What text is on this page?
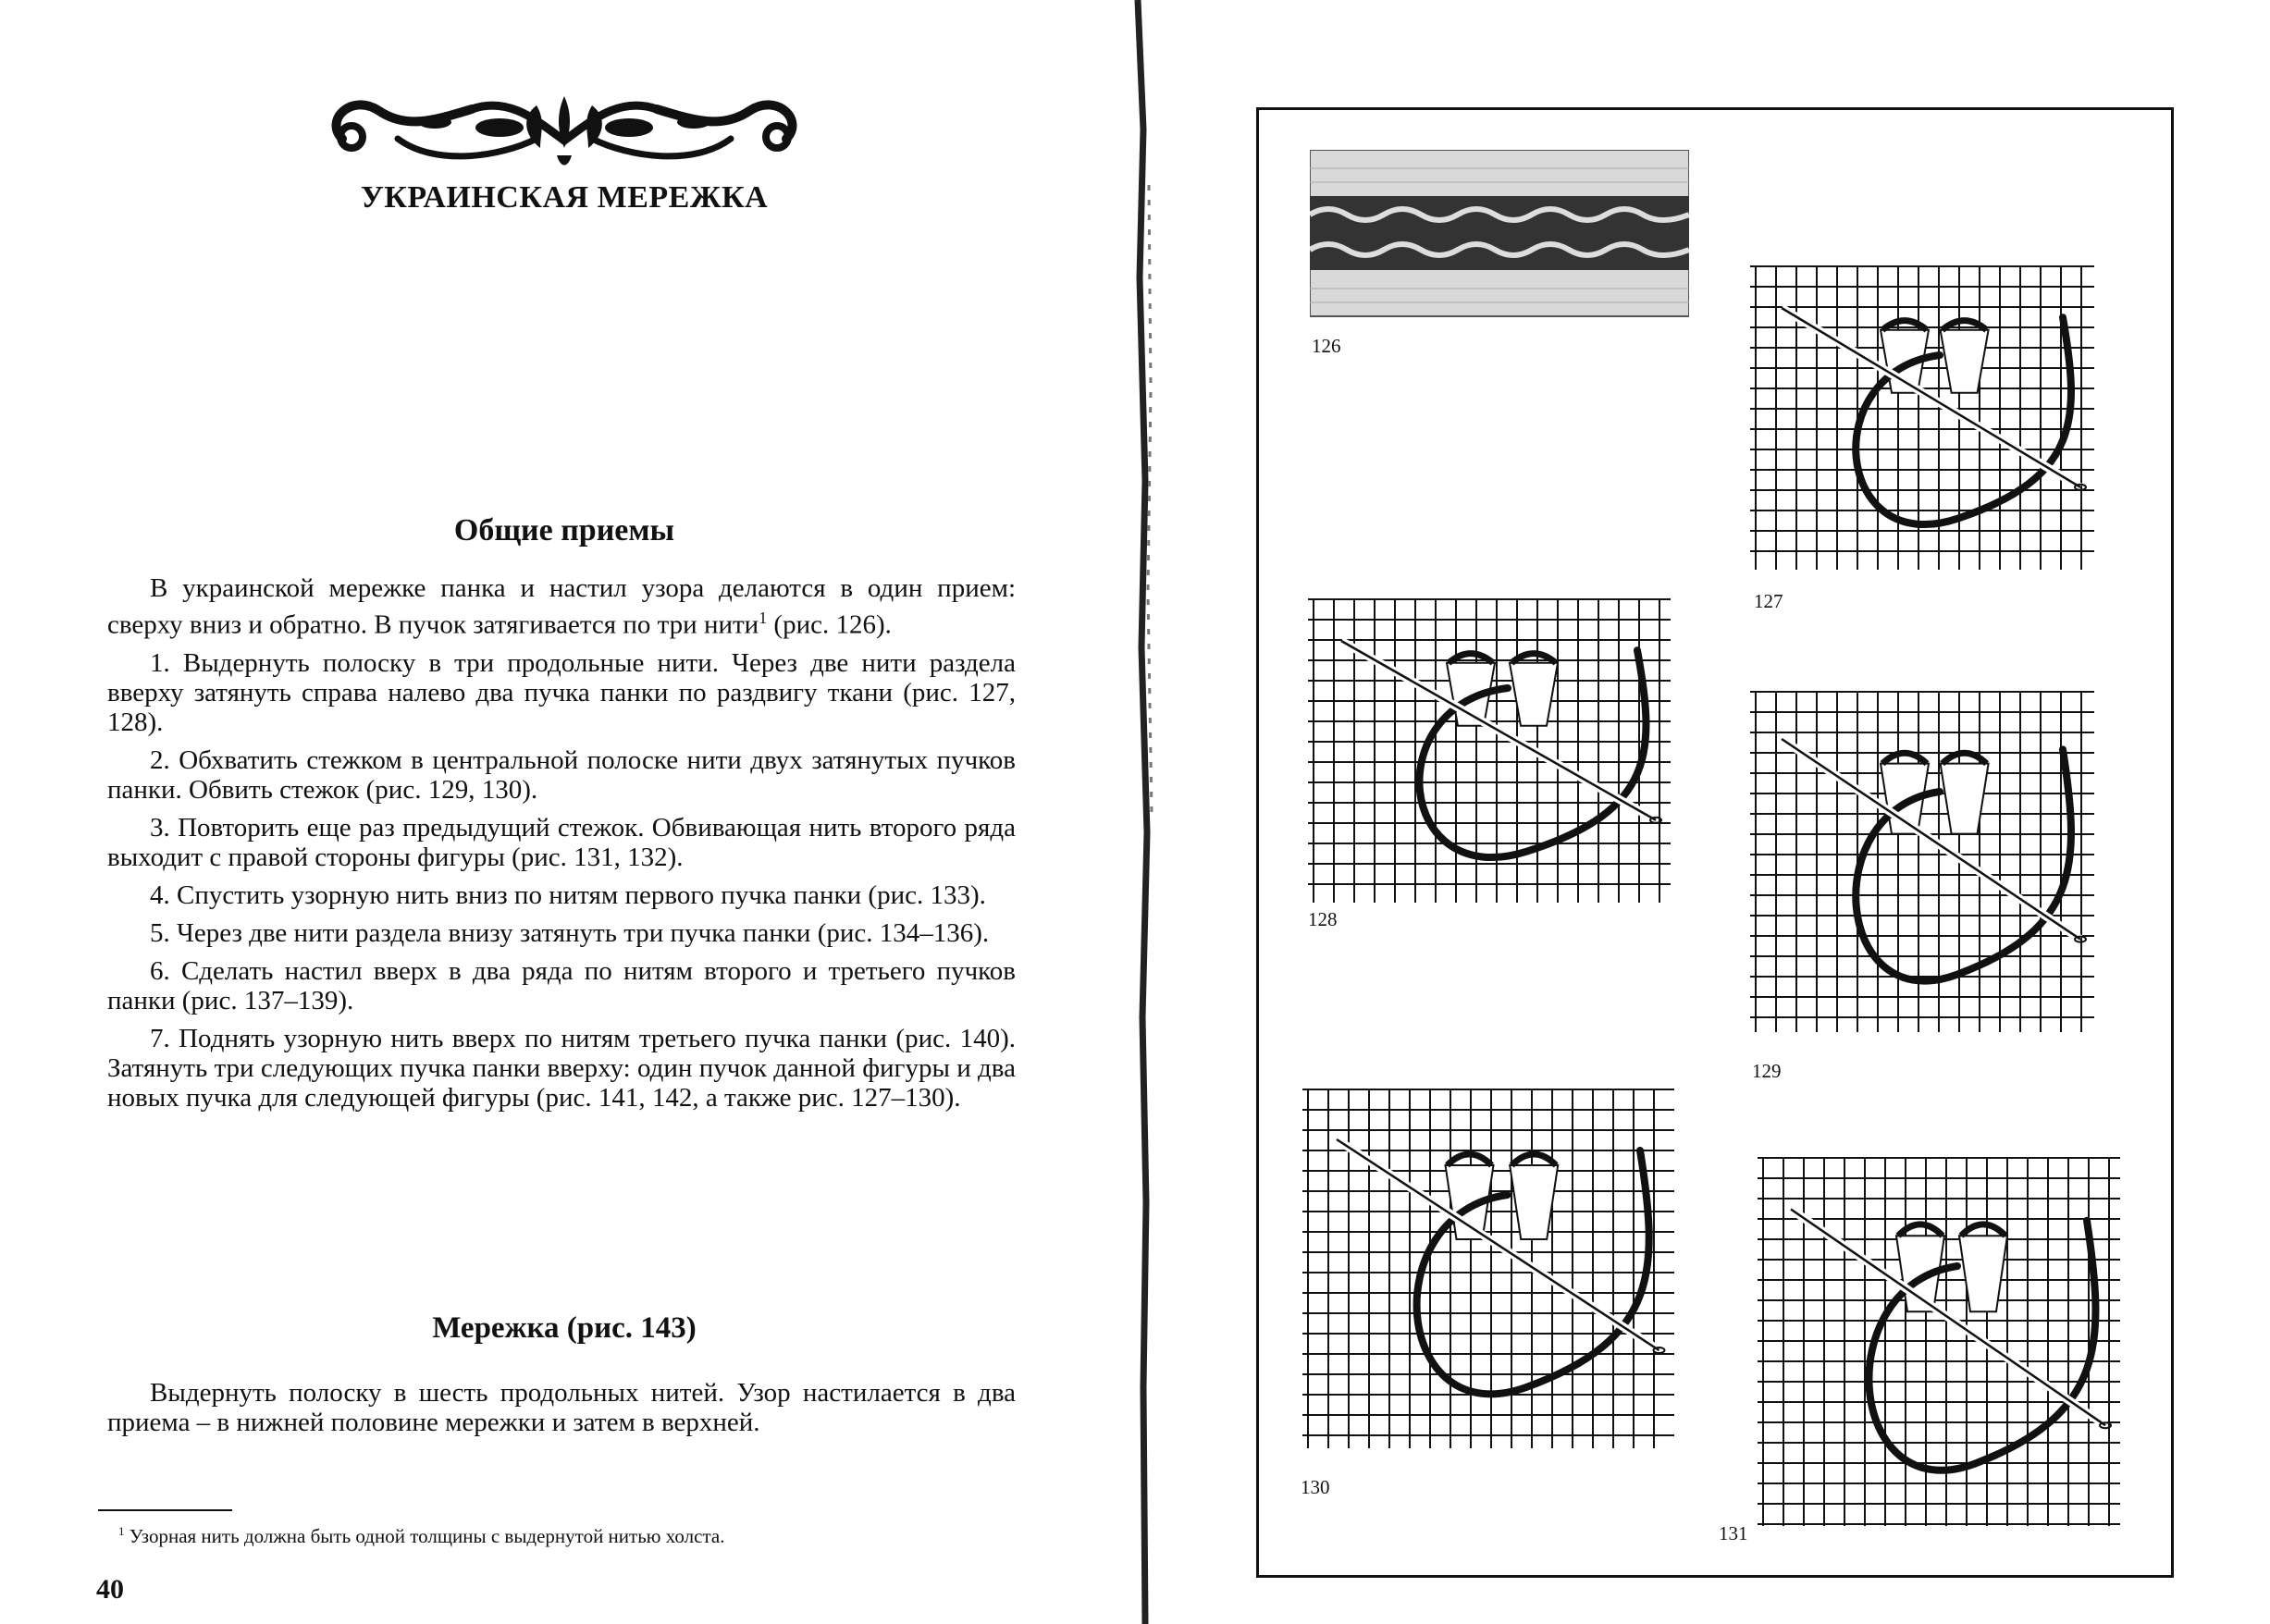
УКРАИНСКАЯ МЕРЕЖКА
Общие приемы

В украинской мережке панка и настил узора делаются в один прием: сверху вниз и обратно. В пучок затягивается по три нити$^1$ (рис. 126).

1. Выдернуть полоску в три продольные нити. Через две нити раздела вверху затянуть справа налево два пучка панки по раздвигу ткани (рис. 127, 128).

2. Обхватить стежком в центральной полоске нити двух затянутых пучков панки. Обвить стежок (рис. 129, 130).

3. Повторить еще раз предыдущий стежок. Обвивающая нить второго ряда выходит с правой стороны фигуры (рис. 131, 132).

4. Спустить узорную нить вниз по нитям первого пучка панки (рис. 133).

5. Через две нити раздела внизу затянуть три пучка панки (рис. 134–136).

6. Сделать настил вверх в два ряда по нитям второго и третьего пучков панки (рис. 137–139).

7. Поднять узорную нить вверх по нитям третьего пучка панки (рис. 140). Затянуть три следующих пучка панки вверху: один пучок данной фигуры и два новых пучка для следующей фигуры (рис. 141, 142, а также рис. 127–130).

Мережка (рис. 143)

Выдернуть полоску в шесть продольных нитей. Узор настилается в два приема – в нижней половине мережки и затем в верхней.

$^1$ Узорная нить должна быть одной толщины с выдернутой нитью холста.

40

126

127

128

129

130

131
